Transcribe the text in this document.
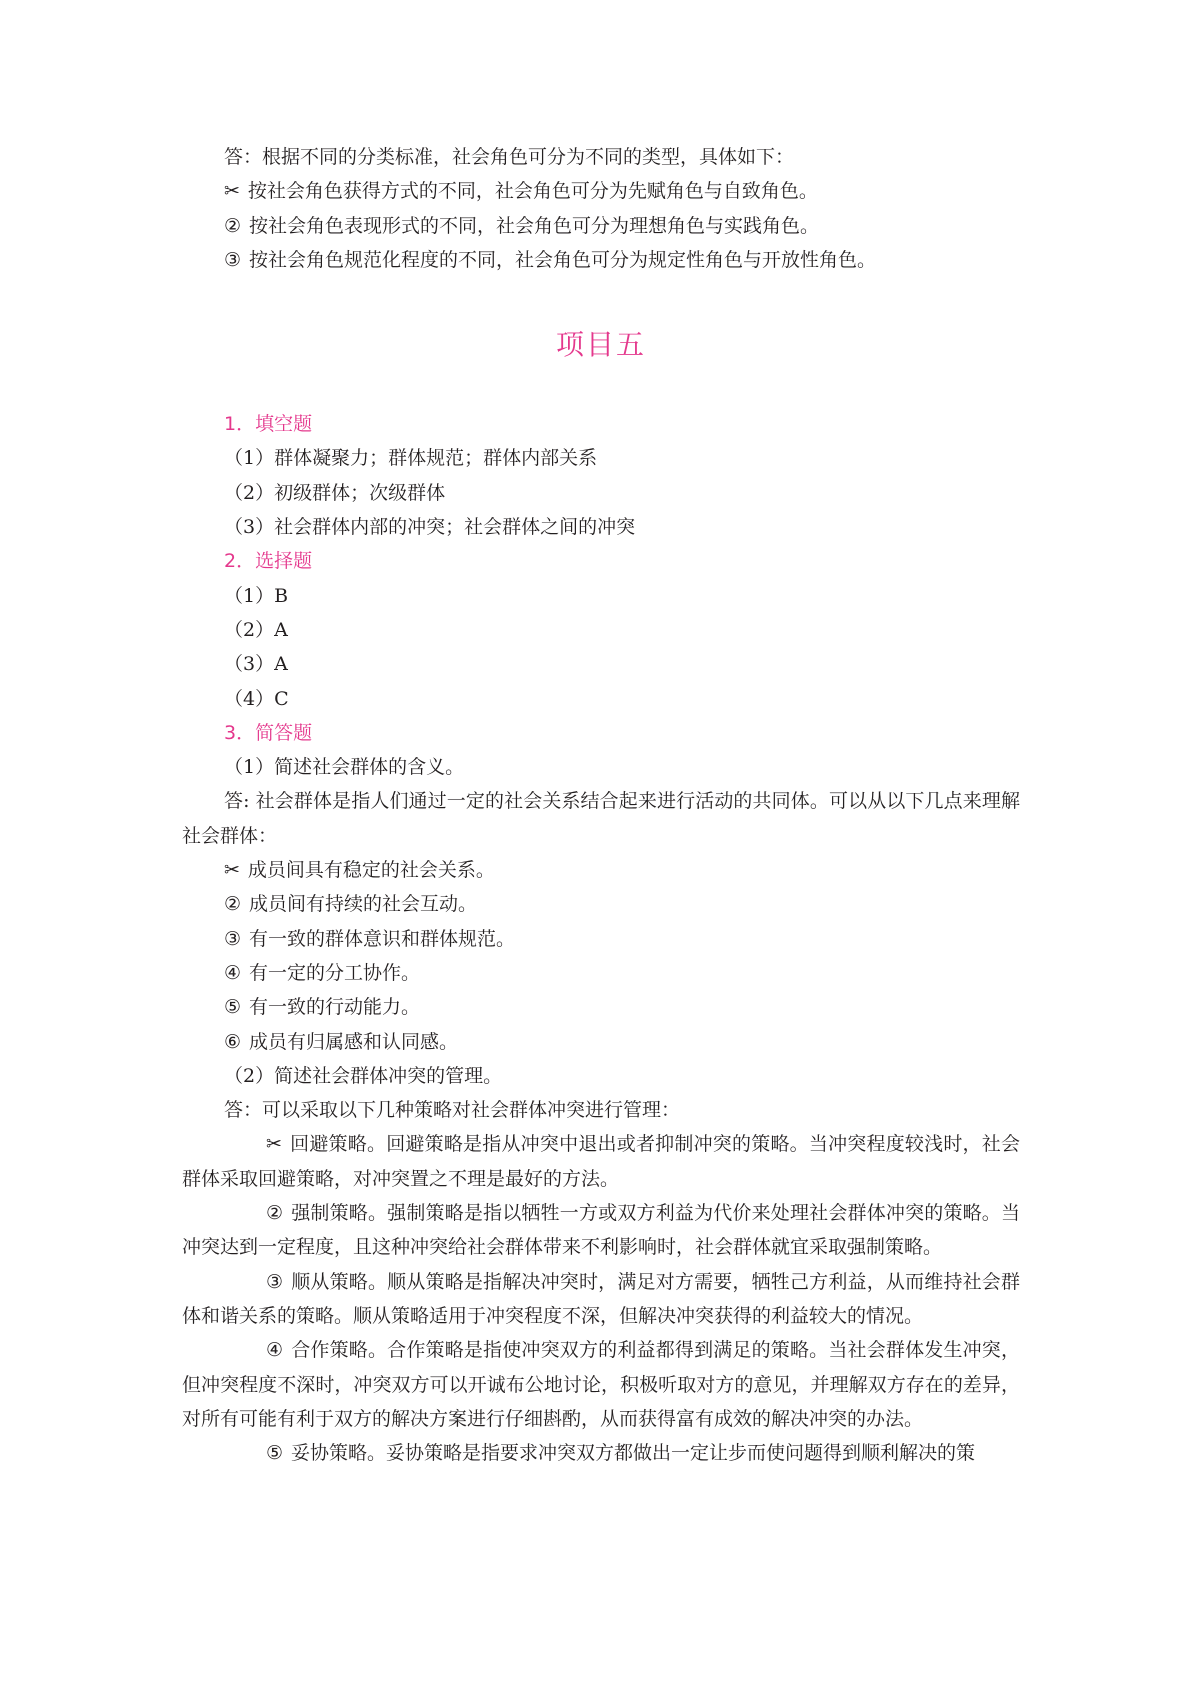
答：根据不同的分类标准，社会角色可分为不同的类型，具体如下：
✂ 按社会角色获得方式的不同，社会角色可分为先赋角色与自致角色。
② 按社会角色表现形式的不同，社会角色可分为理想角色与实践角色。
③ 按社会角色规范化程度的不同，社会角色可分为规定性角色与开放性角色。
项目五
1．填空题
（1）群体凝聚力；群体规范；群体内部关系
（2）初级群体；次级群体
（3）社会群体内部的冲突；社会群体之间的冲突
2．选择题
（1）B
（2）A
（3）A
（4）C
3．简答题
（1）简述社会群体的含义。
答: 社会群体是指人们通过一定的社会关系结合起来进行活动的共同体。可以从以下几点来理解社会群体：
✂ 成员间具有稳定的社会关系。
② 成员间有持续的社会互动。
③ 有一致的群体意识和群体规范。
④ 有一定的分工协作。
⑤ 有一致的行动能力。
⑥ 成员有归属感和认同感。
（2）简述社会群体冲突的管理。
答：可以采取以下几种策略对社会群体冲突进行管理：
✂ 回避策略。回避策略是指从冲突中退出或者抑制冲突的策略。当冲突程度较浅时，社会群体采取回避策略，对冲突置之不理是最好的方法。
② 强制策略。强制策略是指以牺牲一方或双方利益为代价来处理社会群体冲突的策略。当冲突达到一定程度，且这种冲突给社会群体带来不利影响时，社会群体就宜采取强制策略。
③ 顺从策略。顺从策略是指解决冲突时，满足对方需要，牺牲己方利益，从而维持社会群体和谐关系的策略。顺从策略适用于冲突程度不深，但解决冲突获得的利益较大的情况。
④ 合作策略。合作策略是指使冲突双方的利益都得到满足的策略。当社会群体发生冲突，但冲突程度不深时，冲突双方可以开诚布公地讨论，积极听取对方的意见，并理解双方存在的差异，对所有可能有利于双方的解决方案进行仔细斟酌，从而获得富有成效的解决冲突的办法。
⑤ 妥协策略。妥协策略是指要求冲突双方都做出一定让步而使问题得到顺利解决的策
